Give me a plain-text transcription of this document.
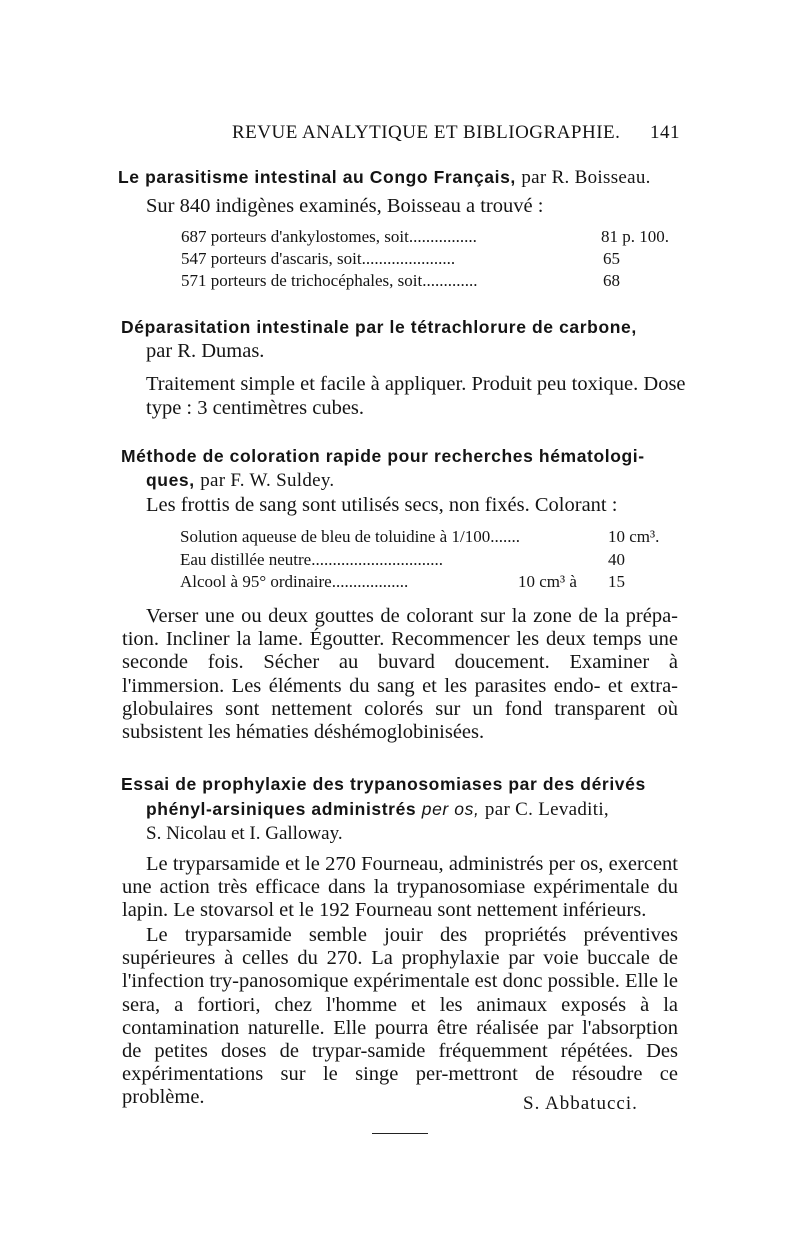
REVUE ANALYTIQUE ET BIBLIOGRAPHIE. 141
Le parasitisme intestinal au Congo Français, par R. Boisseau.
Sur 840 indigènes examinés, Boisseau a trouvé :
687 porteurs d'ankylostomes, soit................	81 p. 100.
547 porteurs d'ascaris, soit......................	65
571 porteurs de trichocéphales, soit.............	68
Déparasitation intestinale par le tétrachlorure de carbone,
par R. Dumas.
Traitement simple et facile à appliquer. Produit peu toxique. Dose
type : 3 centimètres cubes.
Méthode de coloration rapide pour recherches hématologi-
ques, par F. W. Suldey.
Les frottis de sang sont utilisés secs, non fixés. Colorant :
Solution aqueuse de bleu de toluidine à 1/100.......	10 cm³.
Eau distillée neutre...............................	40
Alcool à 95° ordinaire..................	10 cm³ à 15
Verser une ou deux gouttes de colorant sur la zone de la prépa-tion. Incliner la lame. Égoutter. Recommencer les deux temps une seconde fois. Sécher au buvard doucement. Examiner à l'immersion. Les éléments du sang et les parasites endo- et extra-globulaires sont nettement colorés sur un fond transparent où subsistent les hématies déshémoglobinisées.
Essai de prophylaxie des trypanosomiases par des dérivés
phényl-arsiniques administrés per os, par C. Levaditi,
S. Nicolau et I. Galloway.
Le tryparsamide et le 270 Fourneau, administrés per os, exercent une action très efficace dans la trypanosomiase expérimentale du lapin. Le stovarsol et le 192 Fourneau sont nettement inférieurs.
Le tryparsamide semble jouir des propriétés préventives supérieures à celles du 270. La prophylaxie par voie buccale de l'infection try-panosomique expérimentale est donc possible. Elle le sera, a fortiori, chez l'homme et les animaux exposés à la contamination naturelle. Elle pourra être réalisée par l'absorption de petites doses de trypar-samide fréquemment répétées. Des expérimentations sur le singe per-mettront de résoudre ce problème.	S. Abbatucci.
